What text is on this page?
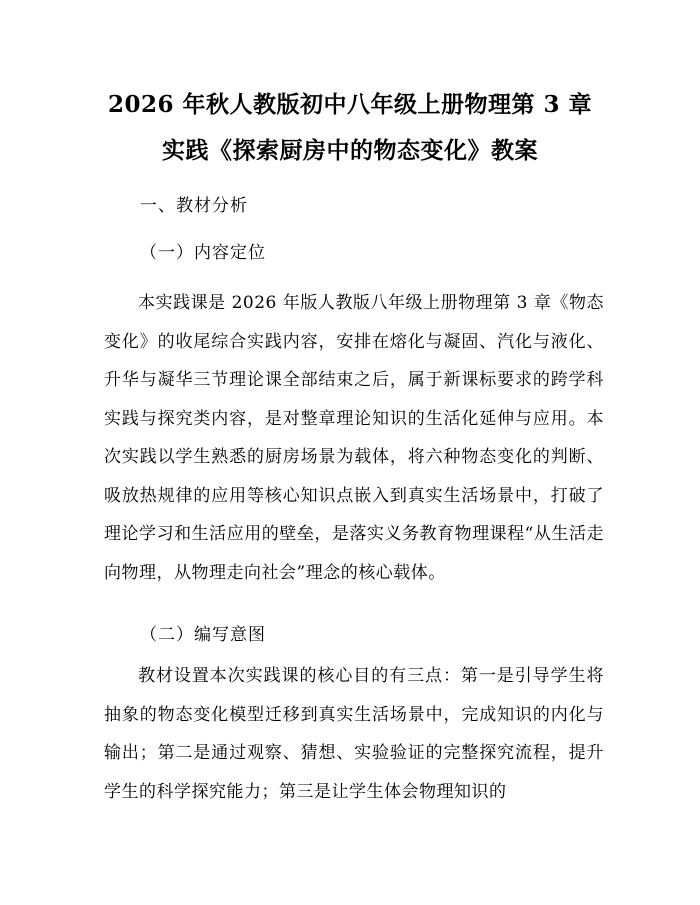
2026 年秋人教版初中八年级上册物理第 3 章
实践《探索厨房中的物态变化》教案
一、教材分析
（一）内容定位
本实践课是 2026 年版人教版八年级上册物理第 3 章《物态变化》的收尾综合实践内容，安排在熔化与凝固、汽化与液化、升华与凝华三节理论课全部结束之后，属于新课标要求的跨学科实践与探究类内容，是对整章理论知识的生活化延伸与应用。本次实践以学生熟悉的厨房场景为载体，将六种物态变化的判断、吸放热规律的应用等核心知识点嵌入到真实生活场景中，打破了理论学习和生活应用的壁垒，是落实义务教育物理课程“从生活走向物理，从物理走向社会”理念的核心载体。
（二）编写意图
教材设置本次实践课的核心目的有三点：第一是引导学生将抽象的物态变化模型迁移到真实生活场景中，完成知识的内化与输出；第二是通过观察、猜想、实验验证的完整探究流程，提升学生的科学探究能力；第三是让学生体会物理知识的
